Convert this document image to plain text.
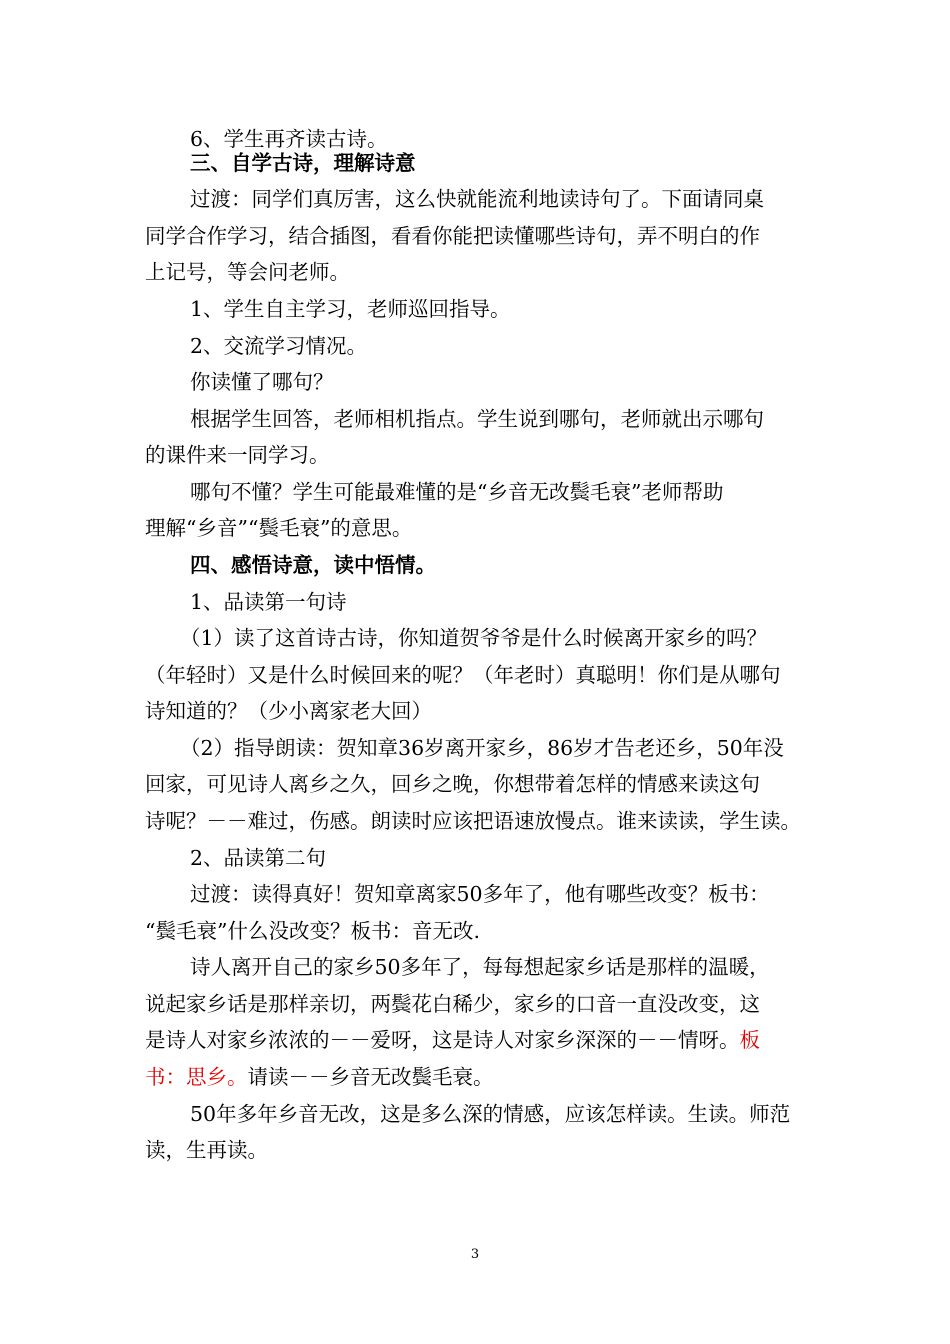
6、学生再齐读古诗。
三、自学古诗，理解诗意
过渡：同学们真厉害，这么快就能流利地读诗句了。下面请同桌
同学合作学习，结合插图，看看你能把读懂哪些诗句，弄不明白的作
上记号，等会问老师。
1、学生自主学习，老师巡回指导。
2、交流学习情况。
你读懂了哪句？
根据学生回答，老师相机指点。学生说到哪句，老师就出示哪句
的课件来一同学习。
哪句不懂？学生可能最难懂的是“乡音无改鬓毛衰”老师帮助
理解“乡音”“鬓毛衰”的意思。
四、感悟诗意，读中悟情。
1、品读第一句诗
（1）读了这首诗古诗，你知道贺爷爷是什么时候离开家乡的吗？
（年轻时）又是什么时候回来的呢？（年老时）真聪明！你们是从哪句
诗知道的？（少小离家老大回）
（2）指导朗读：贺知章36岁离开家乡，86岁才告老还乡，50年没
回家，可见诗人离乡之久，回乡之晚，你想带着怎样的情感来读这句
诗呢？－－难过，伤感。朗读时应该把语速放慢点。谁来读读，学生读。
2、品读第二句
过渡：读得真好！贺知章离家50多年了，他有哪些改变？板书：
“鬓毛衰”什么没改变？板书：音无改.
诗人离开自己的家乡50多年了，每每想起家乡话是那样的温暖，
说起家乡话是那样亲切，两鬓花白稀少，家乡的口音一直没改变，这
是诗人对家乡浓浓的－－爱呀，这是诗人对家乡深深的－－情呀。板
书：思乡。请读－－乡音无改鬓毛衰。
50年多年乡音无改，这是多么深的情感，应该怎样读。生读。师范
读，生再读。
3
